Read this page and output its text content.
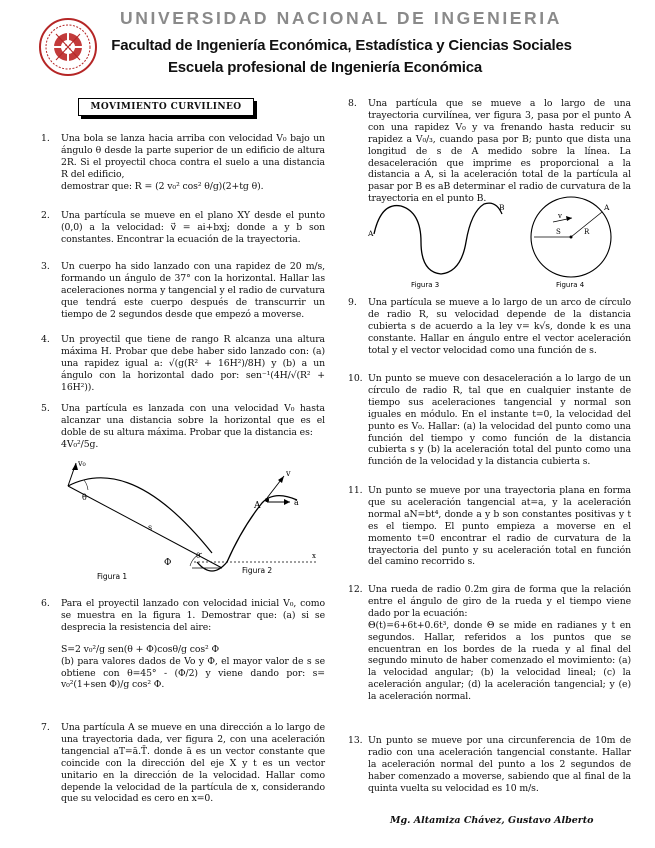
UNIVERSIDAD NACIONAL DE INGENIERIA
Facultad de Ingeniería Económica, Estadística y Ciencias Sociales
Escuela profesional de Ingeniería Económica
MOVIMIENTO CURVILINEO
1. Una bola se lanza hacia arriba con velocidad V₀ bajo un ángulo θ desde la parte superior de un edificio de altura 2R. Si el proyectil choca contra el suelo a una distancia R del edificio,

demostrar que: R = (2 v₀² cos² θ/g)(2+tg θ).

2. Una partícula se mueve en el plano XY desde el punto (0,0) a la velocidad: v⃗ = ai+bxj; donde a y b son constantes. Encontrar la ecuación de la trayectoria.

3. Un cuerpo ha sido lanzado con una rapidez de 20 m/s, formando un ángulo de 37° con la horizontal. Hallar las aceleraciones norma y tangencial y el radio de curvatura que tendrá este cuerpo después de transcurrir un tiempo de 2 segundos desde que empezó a moverse.

4. Un proyectil que tiene de rango R alcanza una altura máxima H. Probar que debe haber sido lanzado con: (a) una rapidez igual a: √(g(R² + 16H²)/8H) y (b) a un ángulo con la horizontal dado por: sen⁻¹(4H/√(R² + 16H²)).

5. Una partícula es lanzada con una velocidad V₀ hasta alcanzar una distancia sobre la horizontal que es el doble de su altura máxima. Probar que la distancia es:

4V₀²/5g.

v₀
θ
s
Φ
Figura 1
v
A	a
0	x
Figura 2
6. Para el proyectil lanzado con velocidad inicial V₀, como se muestra en la figura 1. Demostrar que: (a) si se desprecia la resistencia del aire:

S=2 v₀²/g sen(θ + Φ)cosθ/g cos² Φ

(b) para valores dados de Vo y Φ, el mayor valor de s se obtiene con θ=45° - (Φ/2) y viene dando por: s= v₀²(1+sen Φ)/g cos² Φ.

7. Una partícula A se mueve en una dirección a lo largo de una trayectoria dada, ver figura 2, con una aceleración tangencial aT=ā.T̄. donde ā es un vector constante que coincide con la dirección del eje X y t es un vector unitario en la dirección de la velocidad. Hallar como depende la velocidad de la partícula de x, considerando que su velocidad es cero en x=0.

8. Una partícula que se mueve a lo largo de una trayectoria curvilínea, ver figura 3, pasa por el punto A con una rapidez V₀ y va frenando hasta reducir su rapidez a V₀/₃, cuando pasa por B; punto que dista una longitud de s de A medido sobre la línea. La desaceleración que imprime es proporcional a la distancia a A, si la aceleración total de la partícula al pasar por B es aB determinar el radio de curvatura de la trayectoria en el punto B.

A
B
Figura 3
A
R
S
v
Figura 4
9. Una partícula se mueve a lo largo de un arco de círculo de radio R, su velocidad depende de la distancia cubierta s de acuerdo a la ley v= k√s, donde k es una constante. Hallar en ángulo entre el vector aceleración total y el vector velocidad como una función de s.

10. Un punto se mueve con desaceleración a lo largo de un círculo de radio R, tal que en cualquier instante de tiempo sus aceleraciones tangencial y normal son iguales en módulo. En el instante t=0, la velocidad del punto es V₀. Hallar: (a) la velocidad del punto como una función del tiempo y como función de la distancia cubierta s y (b) la aceleración total del punto como una función de la velocidad y la distancia cubierta s.

11. Un punto se mueve por una trayectoria plana en forma que su aceleración tangencial at=a, y la aceleración normal aN=bt⁴, donde a y b son constantes positivas y t es el tiempo. El punto empieza a moverse en el momento t=0 encontrar el radio de curvatura de la trayectoria del punto y su aceleración total en función del camino recorrido s.

12. Una rueda de radio 0.2m gira de forma que la relación entre el ángulo de giro de la rueda y el tiempo viene dado por la ecuación:

Θ(t)=6+6t+0.6t³, donde Θ se mide en radianes y t en segundos. Hallar, referidos a los puntos que se encuentran en los bordes de la rueda y al final del segundo minuto de haber comenzado el movimiento: (a) la velocidad angular; (b) la velocidad lineal; (c) la aceleración angular; (d) la aceleración tangencial; y (e) la aceleración normal.

13. Un punto se mueve por una circunferencia de 10m de radio con una aceleración tangencial constante. Hallar la aceleración normal del punto a los 2 segundos de haber comenzado a moverse, sabiendo que al final de la quinta vuelta su velocidad es 10 m/s.

Mg. Altamiza Chávez, Gustavo Alberto
